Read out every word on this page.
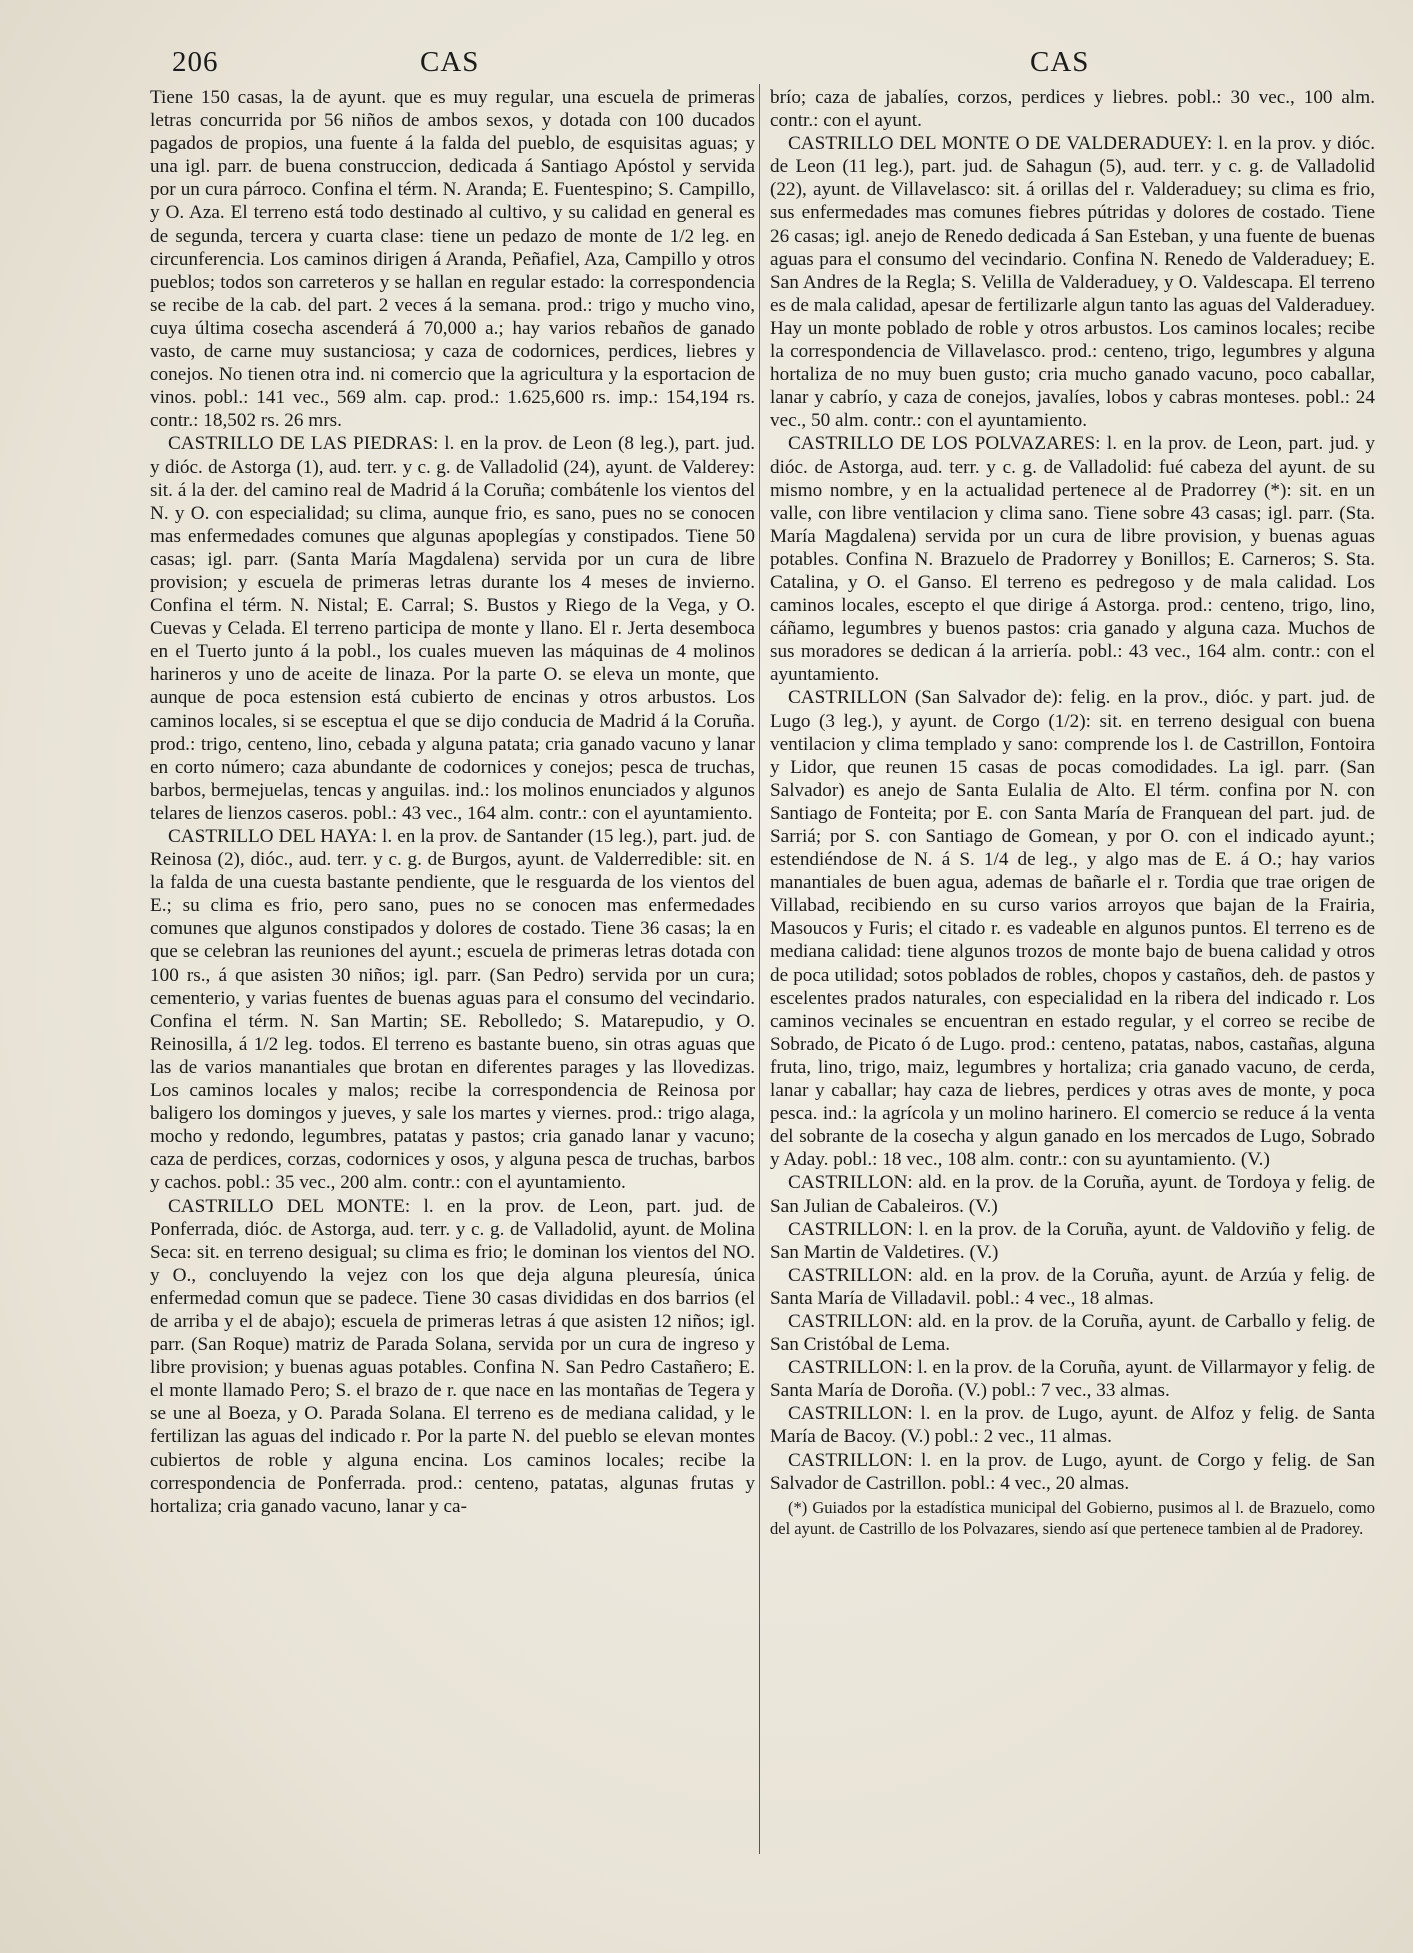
206	CAS	CAS

Tiene 150 casas, la de ayunt. que es muy regular, una escuela de primeras letras concurrida por 56 niños de ambos sexos, y dotada con 100 ducados pagados de propios, una fuente á la falda del pueblo, de esquisitas aguas; y una igl. parr. de buena construccion, dedicada á Santiago Apóstol y servida por un cura párroco. Confina el térm. N. Aranda; E. Fuentespino; S. Campillo, y O. Aza. El terreno está todo destinado al cultivo, y su calidad en general es de segunda, tercera y cuarta clase: tiene un pedazo de monte de 1/2 leg. en circunferencia. Los caminos dirigen á Aranda, Peñafiel, Aza, Campillo y otros pueblos; todos son carreteros y se hallan en regular estado: la correspondencia se recibe de la cab. del part. 2 veces á la semana. prod.: trigo y mucho vino, cuya última cosecha ascenderá á 70,000 a.; hay varios rebaños de ganado vasto, de carne muy sustanciosa; y caza de codornices, perdices, liebres y conejos. No tienen otra ind. ni comercio que la agricultura y la esportacion de vinos. pobl.: 141 vec., 569 alm. cap. prod.: 1.625,600 rs. imp.: 154,194 rs. contr.: 18,502 rs. 26 mrs.

CASTRILLO DE LAS PIEDRAS: l. en la prov. de Leon (8 leg.), part. jud. y dióc. de Astorga (1), aud. terr. y c. g. de Valladolid (24), ayunt. de Valderey: sit. á la der. del camino real de Madrid á la Coruña; combátenle los vientos del N. y O. con especialidad; su clima, aunque frio, es sano, pues no se conocen mas enfermedades comunes que algunas apoplegías y constipados. Tiene 50 casas; igl. parr. (Santa María Magdalena) servida por un cura de libre provision; y escuela de primeras letras durante los 4 meses de invierno. Confina el térm. N. Nistal; E. Carral; S. Bustos y Riego de la Vega, y O. Cuevas y Celada. El terreno participa de monte y llano. El r. Jerta desemboca en el Tuerto junto á la pobl., los cuales mueven las máquinas de 4 molinos harineros y uno de aceite de linaza. Por la parte O. se eleva un monte, que aunque de poca estension está cubierto de encinas y otros arbustos. Los caminos locales, si se esceptua el que se dijo conducia de Madrid á la Coruña. prod.: trigo, centeno, lino, cebada y alguna patata; cria ganado vacuno y lanar en corto número; caza abundante de codornices y conejos; pesca de truchas, barbos, bermejuelas, tencas y anguilas. ind.: los molinos enunciados y algunos telares de lienzos caseros. pobl.: 43 vec., 164 alm. contr.: con el ayuntamiento.

CASTRILLO DEL HAYA: l. en la prov. de Santander (15 leg.), part. jud. de Reinosa (2), dióc., aud. terr. y c. g. de Burgos, ayunt. de Valderredible: sit. en la falda de una cuesta bastante pendiente, que le resguarda de los vientos del E.; su clima es frio, pero sano, pues no se conocen mas enfermedades comunes que algunos constipados y dolores de costado. Tiene 36 casas; la en que se celebran las reuniones del ayunt.; escuela de primeras letras dotada con 100 rs., á que asisten 30 niños; igl. parr. (San Pedro) servida por un cura; cementerio, y varias fuentes de buenas aguas para el consumo del vecindario. Confina el térm. N. San Martin; SE. Rebolledo; S. Matarepudio, y O. Reinosilla, á 1/2 leg. todos. El terreno es bastante bueno, sin otras aguas que las de varios manantiales que brotan en diferentes parages y las llovedizas. Los caminos locales y malos; recibe la correspondencia de Reinosa por baligero los domingos y jueves, y sale los martes y viernes. prod.: trigo alaga, mocho y redondo, legumbres, patatas y pastos; cria ganado lanar y vacuno; caza de perdices, corzas, codornices y osos, y alguna pesca de truchas, barbos y cachos. pobl.: 35 vec., 200 alm. contr.: con el ayuntamiento.

CASTRILLO DEL MONTE: l. en la prov. de Leon, part. jud. de Ponferrada, dióc. de Astorga, aud. terr. y c. g. de Valladolid, ayunt. de Molina Seca: sit. en terreno desigual; su clima es frio; le dominan los vientos del NO. y O., concluyendo la vejez con los que deja alguna pleuresía, única enfermedad comun que se padece. Tiene 30 casas divididas en dos barrios (el de arriba y el de abajo); escuela de primeras letras á que asisten 12 niños; igl. parr. (San Roque) matriz de Parada Solana, servida por un cura de ingreso y libre provision; y buenas aguas potables. Confina N. San Pedro Castañero; E. el monte llamado Pero; S. el brazo de r. que nace en las montañas de Tegera y se une al Boeza, y O. Parada Solana. El terreno es de mediana calidad, y le fertilizan las aguas del indicado r. Por la parte N. del pueblo se elevan montes cubiertos de roble y alguna encina. Los caminos locales; recibe la correspondencia de Ponferrada. prod.: centeno, patatas, algunas frutas y hortaliza; cria ganado vacuno, lanar y ca-

brío; caza de jabalíes, corzos, perdices y liebres. pobl.: 30 vec., 100 alm. contr.: con el ayunt.

CASTRILLO DEL MONTE O DE VALDERADUEY: l. en la prov. y dióc. de Leon (11 leg.), part. jud. de Sahagun (5), aud. terr. y c. g. de Valladolid (22), ayunt. de Villavelasco: sit. á orillas del r. Valderaduey; su clima es frio, sus enfermedades mas comunes fiebres pútridas y dolores de costado. Tiene 26 casas; igl. anejo de Renedo dedicada á San Esteban, y una fuente de buenas aguas para el consumo del vecindario. Confina N. Renedo de Valderaduey; E. San Andres de la Regla; S. Velilla de Valderaduey, y O. Valdescapa. El terreno es de mala calidad, apesar de fertilizarle algun tanto las aguas del Valderaduey. Hay un monte poblado de roble y otros arbustos. Los caminos locales; recibe la correspondencia de Villavelasco. prod.: centeno, trigo, legumbres y alguna hortaliza de no muy buen gusto; cria mucho ganado vacuno, poco caballar, lanar y cabrío, y caza de conejos, javalíes, lobos y cabras monteses. pobl.: 24 vec., 50 alm. contr.: con el ayuntamiento.

CASTRILLO DE LOS POLVAZARES: l. en la prov. de Leon, part. jud. y dióc. de Astorga, aud. terr. y c. g. de Valladolid: fué cabeza del ayunt. de su mismo nombre, y en la actualidad pertenece al de Pradorrey (*): sit. en un valle, con libre ventilacion y clima sano. Tiene sobre 43 casas; igl. parr. (Sta. María Magdalena) servida por un cura de libre provision, y buenas aguas potables. Confina N. Brazuelo de Pradorrey y Bonillos; E. Carneros; S. Sta. Catalina, y O. el Ganso. El terreno es pedregoso y de mala calidad. Los caminos locales, escepto el que dirige á Astorga. prod.: centeno, trigo, lino, cáñamo, legumbres y buenos pastos: cria ganado y alguna caza. Muchos de sus moradores se dedican á la arriería. pobl.: 43 vec., 164 alm. contr.: con el ayuntamiento.

CASTRILLON (San Salvador de): felig. en la prov., dióc. y part. jud. de Lugo (3 leg.), y ayunt. de Corgo (1/2): sit. en terreno desigual con buena ventilacion y clima templado y sano: comprende los l. de Castrillon, Fontoira y Lidor, que reunen 15 casas de pocas comodidades. La igl. parr. (San Salvador) es anejo de Santa Eulalia de Alto. El térm. confina por N. con Santiago de Fonteita; por E. con Santa María de Franquean del part. jud. de Sarriá; por S. con Santiago de Gomean, y por O. con el indicado ayunt.; estendiéndose de N. á S. 1/4 de leg., y algo mas de E. á O.; hay varios manantiales de buen agua, ademas de bañarle el r. Tordia que trae origen de Villabad, recibiendo en su curso varios arroyos que bajan de la Frairia, Masoucos y Furis; el citado r. es vadeable en algunos puntos. El terreno es de mediana calidad: tiene algunos trozos de monte bajo de buena calidad y otros de poca utilidad; sotos poblados de robles, chopos y castaños, deh. de pastos y escelentes prados naturales, con especialidad en la ribera del indicado r. Los caminos vecinales se encuentran en estado regular, y el correo se recibe de Sobrado, de Picato ó de Lugo. prod.: centeno, patatas, nabos, castañas, alguna fruta, lino, trigo, maiz, legumbres y hortaliza; cria ganado vacuno, de cerda, lanar y caballar; hay caza de liebres, perdices y otras aves de monte, y poca pesca. ind.: la agrícola y un molino harinero. El comercio se reduce á la venta del sobrante de la cosecha y algun ganado en los mercados de Lugo, Sobrado y Aday. pobl.: 18 vec., 108 alm. contr.: con su ayuntamiento. (V.)

CASTRILLON: ald. en la prov. de la Coruña, ayunt. de Tordoya y felig. de San Julian de Cabaleiros. (V.)

CASTRILLON: l. en la prov. de la Coruña, ayunt. de Valdoviño y felig. de San Martin de Valdetires. (V.)

CASTRILLON: ald. en la prov. de la Coruña, ayunt. de Arzúa y felig. de Santa María de Villadavil. pobl.: 4 vec., 18 almas.

CASTRILLON: ald. en la prov. de la Coruña, ayunt. de Carballo y felig. de San Cristóbal de Lema.

CASTRILLON: l. en la prov. de la Coruña, ayunt. de Villarmayor y felig. de Santa María de Doroña. (V.) pobl.: 7 vec., 33 almas.

CASTRILLON: l. en la prov. de Lugo, ayunt. de Alfoz y felig. de Santa María de Bacoy. (V.) pobl.: 2 vec., 11 almas.

CASTRILLON: l. en la prov. de Lugo, ayunt. de Corgo y felig. de San Salvador de Castrillon. pobl.: 4 vec., 20 almas.

(*) Guiados por la estadística municipal del Gobierno, pusimos al l. de Brazuelo, como del ayunt. de Castrillo de los Polvazares, siendo así que pertenece tambien al de Pradorey.
